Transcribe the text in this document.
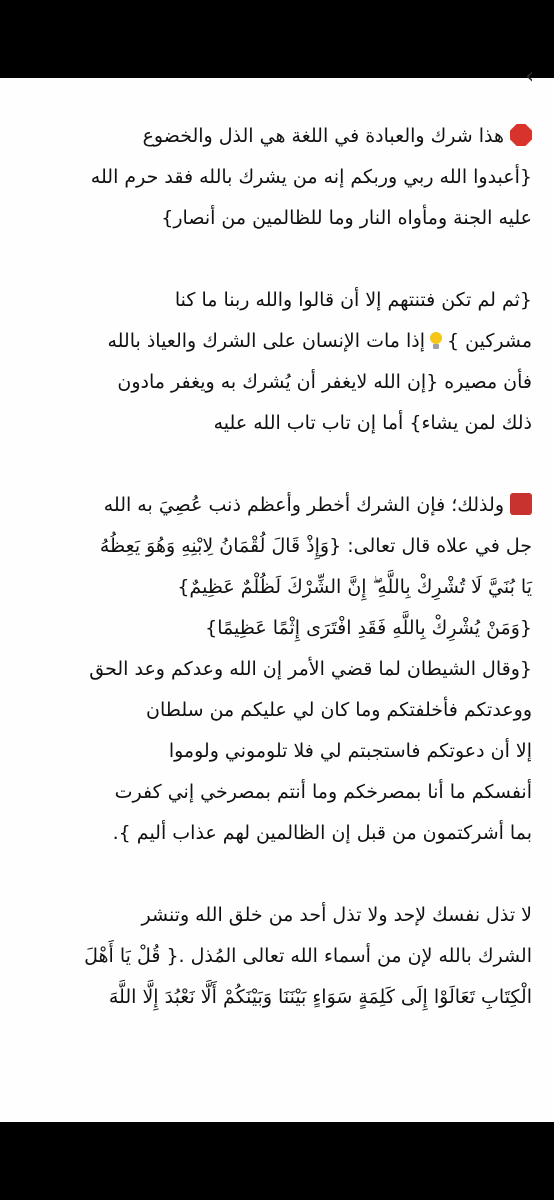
‹

هذا شرك والعبادة في اللغة هي الذل والخضوع

{أعبدوا الله ربي وربكم إنه من يشرك بالله فقد حرم الله

عليه الجنة ومأواه النار وما للظالمين من أنصار}

{ثم لم تكن فتنتهم إلا أن قالوا والله ربنا ما كنا

مشركين }إذا مات الإنسان على الشرك والعياذ بالله

فأن مصيره {إن الله لايغفر أن يُشرك به ويغفر مادون

ذلك لمن يشاء} أما إن تاب تاب الله عليه

ولذلك؛ فإن الشرك أخطر وأعظم ذنب عُصِيَ به الله

جل في علاه قال تعالى: {وَإِذْ قَالَ لُقْمَانُ لِابْنِهِ وَهُوَ يَعِظُهُ

يَا بُنَيَّ لَا تُشْرِكْ بِاللَّهِ ۖ إِنَّ الشِّرْكَ لَظُلْمٌ عَظِيمٌ}

{وَمَنْ يُشْرِكْ بِاللَّهِ فَقَدِ افْتَرَى إِثْمًا عَظِيمًا}

{وقال الشيطان لما قضي الأمر إن الله وعدكم وعد الحق

ووعدتكم فأخلفتكم وما كان لي عليكم من سلطان

إلا أن دعوتكم فاستجبتم لي فلا تلوموني ولوموا

أنفسكم ما أنا بمصرخكم وما أنتم بمصرخي إني كفرت

بما أشركتمون من قبل إن الظالمين لهم عذاب أليم }.

لا تذل نفسك لإحد ولا تذل أحد من خلق الله وتنشر

الشرك بالله لإن من أسماء الله تعالى المُذل .{ قُلْ يَا أَهْلَ

الْكِتَابِ تَعَالَوْا إِلَى كَلِمَةٍ سَوَاءٍ بَيْنَنَا وَبَيْنَكُمْ أَلَّا نَعْبُدَ إِلَّا اللَّهَ
